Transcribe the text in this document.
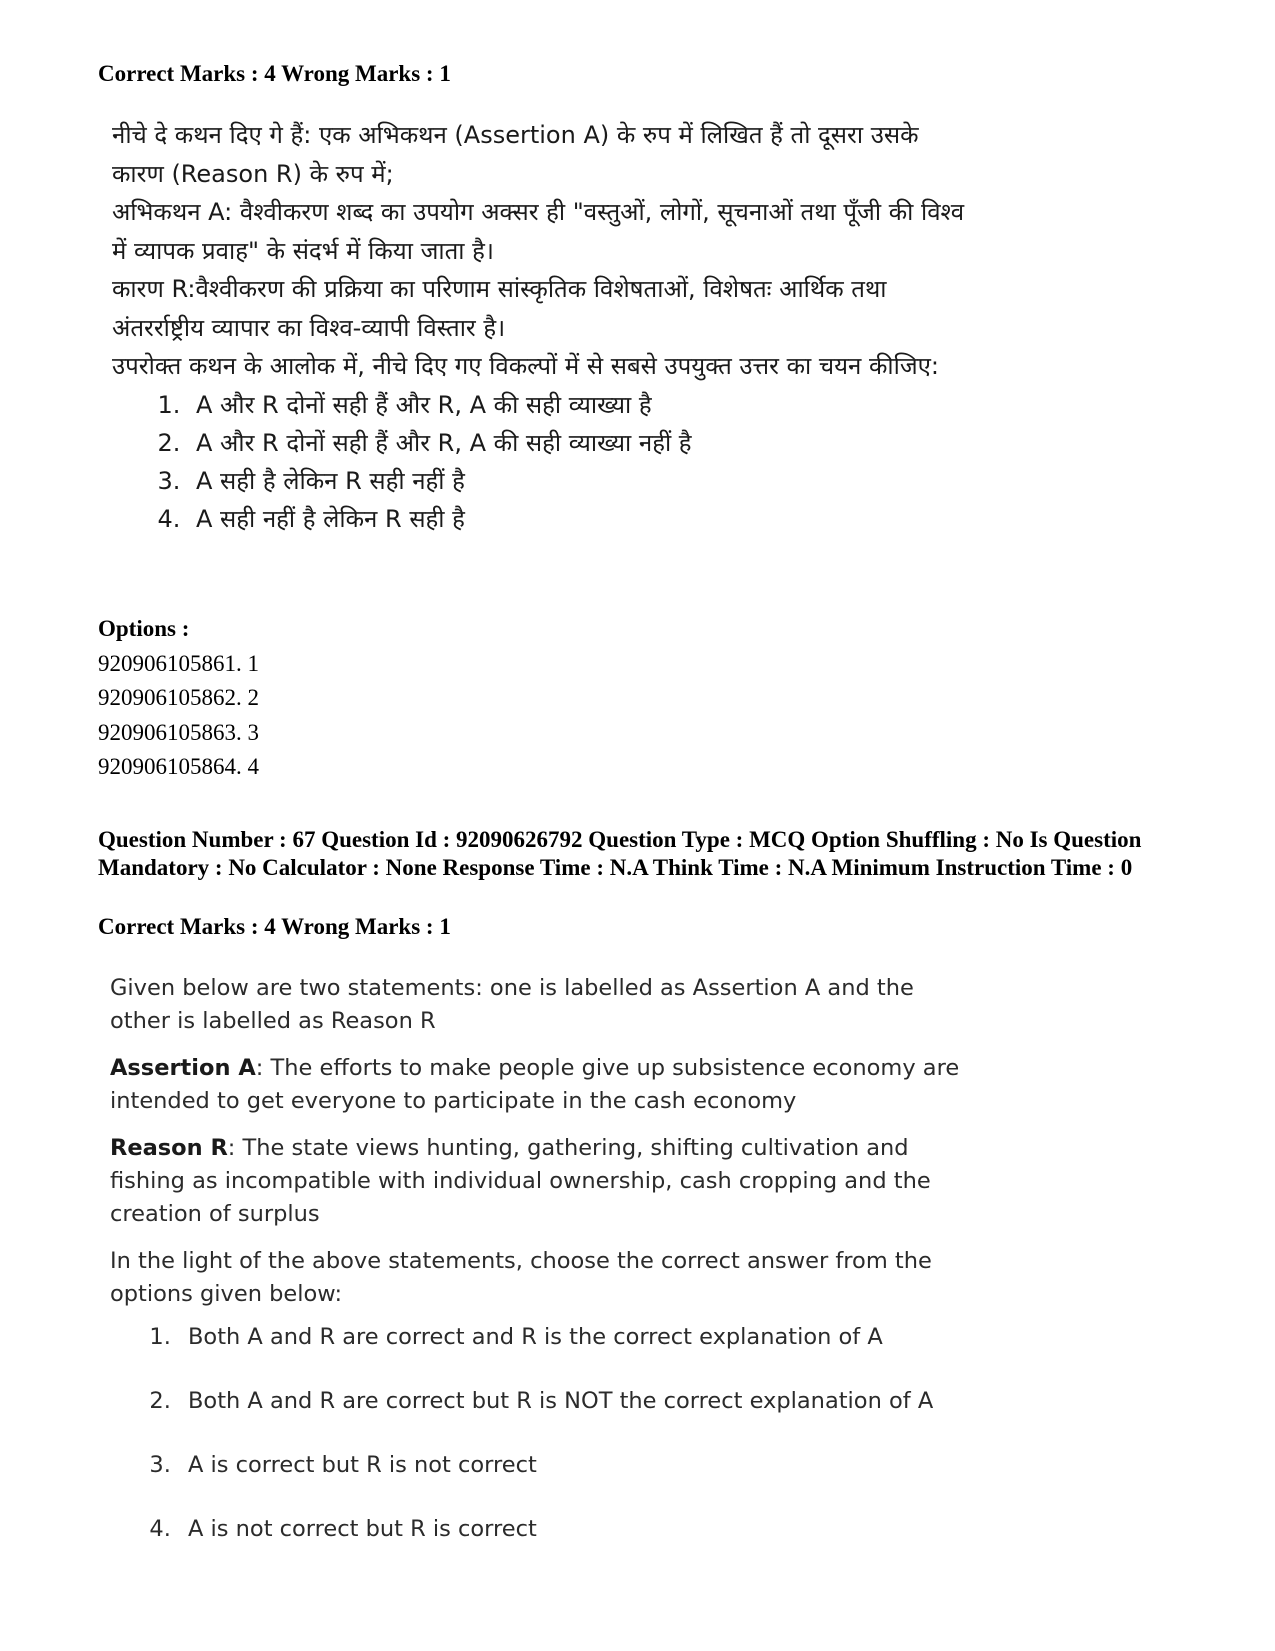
Correct Marks : 4 Wrong Marks : 1

नीचे दे कथन दिए गे हैं: एक अभिकथन (Assertion A) के रुप में लिखित हैं तो दूसरा उसके कारण (Reason R) के रुप में;

अभिकथन A: वैश्वीकरण शब्द का उपयोग अक्सर ही "वस्तुओं, लोगों, सूचनाओं तथा पूँजी की विश्व में व्यापक प्रवाह" के संदर्भ में किया जाता है।

कारण R:वैश्वीकरण की प्रक्रिया का परिणाम सांस्कृतिक विशेषताओं, विशेषतः आर्थिक तथा अंतरर्राष्ट्रीय व्यापार का विश्व-व्यापी विस्तार है।

उपरोक्त कथन के आलोक में, नीचे दिए गए विकल्पों में से सबसे उपयुक्त उत्तर का चयन कीजिए:

1. A और R दोनों सही हैं और R, A की सही व्याख्या है
2. A और R दोनों सही हैं और R, A की सही व्याख्या नहीं है
3. A सही है लेकिन R सही नहीं है
4. A सही नहीं है लेकिन R सही है
Options :
920906105861. 1
920906105862. 2
920906105863. 3
920906105864. 4
Question Number : 67 Question Id : 92090626792 Question Type : MCQ Option Shuffling : No Is Question Mandatory : No Calculator : None Response Time : N.A Think Time : N.A Minimum Instruction Time : 0
Correct Marks : 4 Wrong Marks : 1

Given below are two statements: one is labelled as Assertion A and the other is labelled as Reason R

Assertion A: The efforts to make people give up subsistence economy are intended to get everyone to participate in the cash economy

Reason R: The state views hunting, gathering, shifting cultivation and fishing as incompatible with individual ownership, cash cropping and the creation of surplus

In the light of the above statements, choose the correct answer from the options given below:

1. Both A and R are correct and R is the correct explanation of A
2. Both A and R are correct but R is NOT the correct explanation of A
3. A is correct but R is not correct
4. A is not correct but R is correct
